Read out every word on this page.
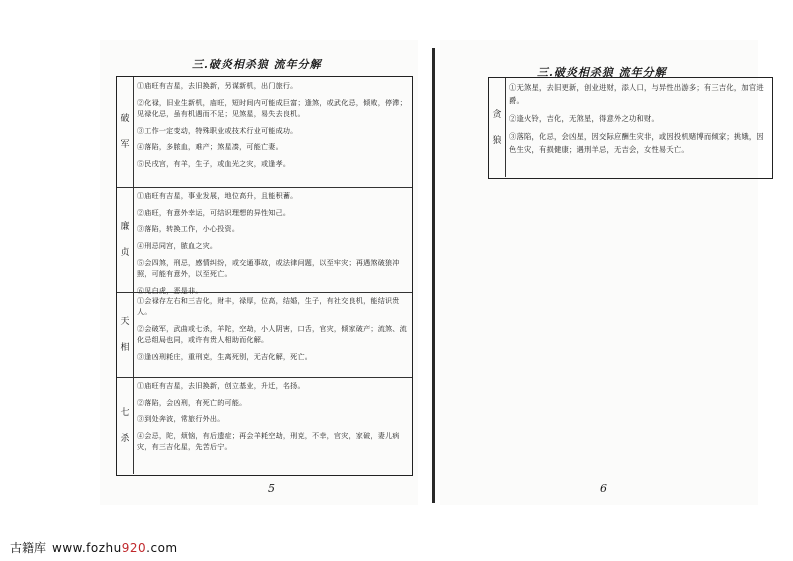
三.破炎相杀狼 流年分解
破
军

①庙旺有吉星，去旧换新，另谋新机，出门旅行。

②化禄，旧业生新机，庙旺，短时间内可能成巨富；逢煞，或武化忌，倾败，停滞；见禄化忌，虽有机遇而不足；见煞星，易失去良机。

③工作一定变动，特殊职业或技术行业可能成功。

④落陷，多脓血，难产；煞星凑，可能亡妻。

⑤民戌宫，有羊，生子，或血光之灾，或逢孝。

廉
贞

①庙旺有吉星，事业发展，地位高升，且能积蓄。

②庙旺，有意外幸运，可结识理想的异性知己。

③落陷，转换工作，小心投资。

④刑忌同宫，脓血之灾。

⑤会四煞，刑忌，感情纠纷，或交通事故，或法律问题，以至牢灾；再遇煞破狼冲照，可能有意外，以至死亡。

⑥见白虎，恶是非。

天
相

①会禄存左右和三吉化，财丰，禄厚，位高，结婚，生子，有社交良机，能结识贵人。

②会破军，武曲或七杀，羊陀，空劫，小人阴害，口舌，官灾，倾家破产；流煞、流化忌组局也同，或许有贵人相助而化解。

③逢凶刑耗庄，重刑克，生离死别，无吉化解，死亡。

七
杀

①庙旺有吉星，去旧换新，创立基业，升迁，名扬。

②落陷，会凶刑，有死亡的可能。

③到处奔波，常旅行外出。

④会忌，陀，烦恼，有后遗症；再会羊耗空劫，刑克，不幸，官灾，家破，妻儿病灾，有三吉化星，先苦后宁。

5
三.破炎相杀狼 流年分解
贪
狼

①无煞星，去旧更新，创业进财，添人口，与异性出游多；有三吉化，加官进爵。

②逢火铃，吉化，无煞星，得意外之功和财。

③落陷，化忌，会凶星，因交际应酬生灾非，或因投机赌博而倾家；挑娥，因色生灾，有损健康；遇刑羊忌，无吉会，女性易夭亡。

6
古籍库 www.fozhu920.com
